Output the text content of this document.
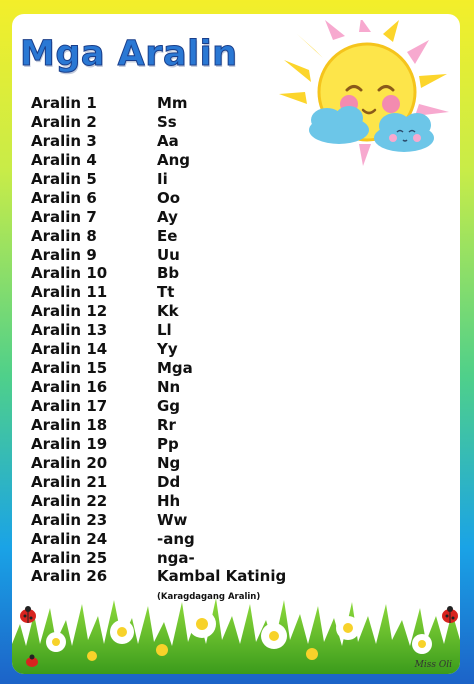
Mga Aralin
Aralin 1	Mm
Aralin 2	Ss
Aralin 3	Aa
Aralin 4	Ang
Aralin 5	Ii
Aralin 6	Oo
Aralin 7	Ay
Aralin 8	Ee
Aralin 9	Uu
Aralin 10	Bb
Aralin 11	Tt
Aralin 12	Kk
Aralin 13	Ll
Aralin 14	Yy
Aralin 15	Mga
Aralin 16	Nn
Aralin 17	Gg
Aralin 18	Rr
Aralin 19	Pp
Aralin 20	Ng
Aralin 21	Dd
Aralin 22	Hh
Aralin 23	Ww
Aralin 24	-ang
Aralin 25	nga-
Aralin 26	Kambal Katinig
(Karagdagang Aralin)
Miss Oli
